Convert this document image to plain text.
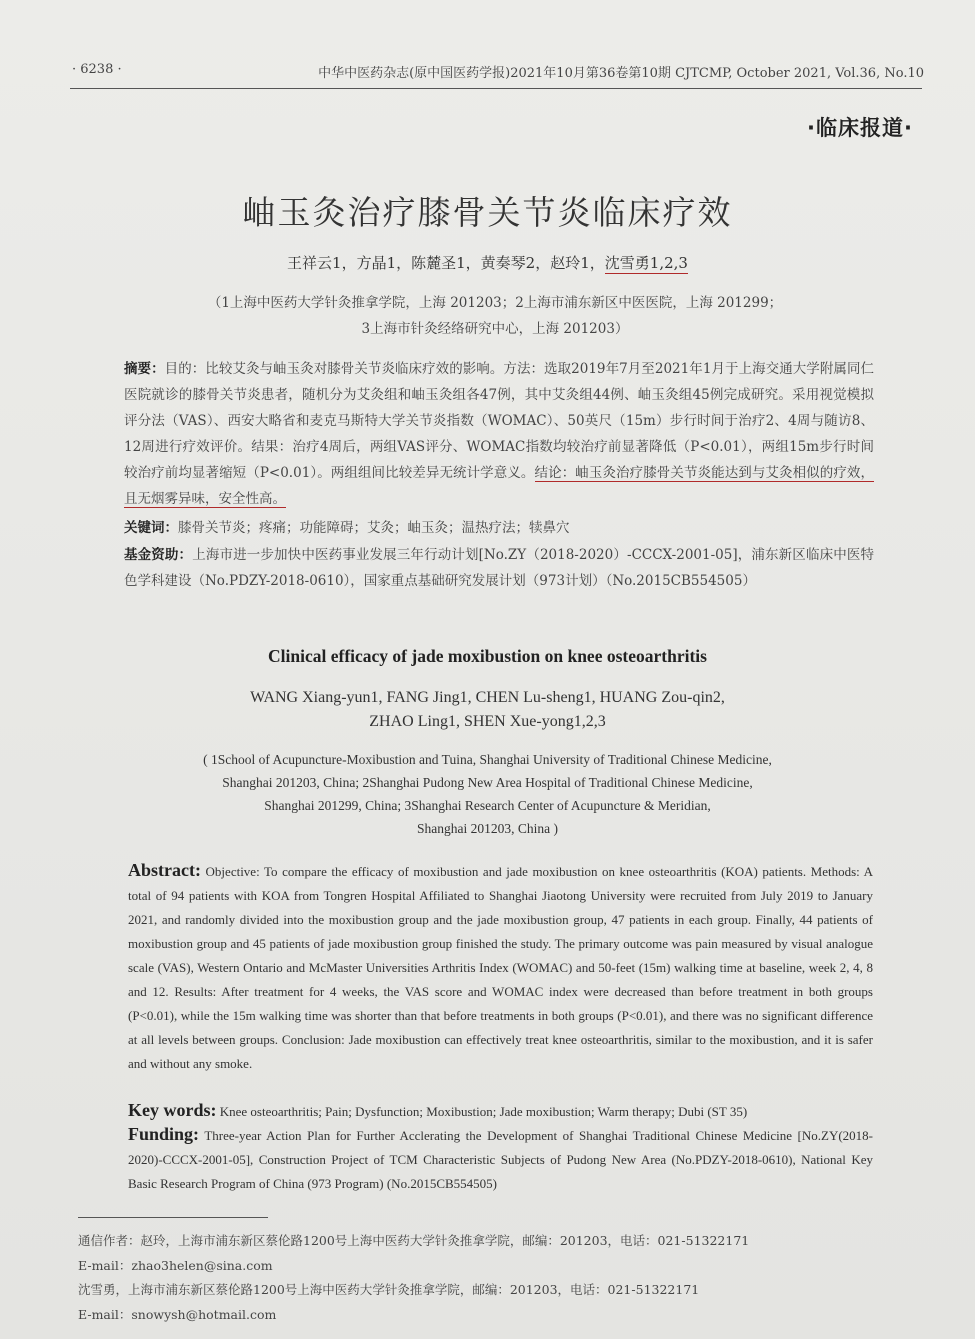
· 6238 ·	中华中医药杂志(原中国医药学报)2021年10月第36卷第10期 CJTCMP, October 2021, Vol.36, No.10
·临床报道·
岫玉灸治疗膝骨关节炎临床疗效
王祥云1，方晶1，陈麓圣1，黄奏琴2，赵玲1，沈雪勇1,2,3
（1上海中医药大学针灸推拿学院，上海 201203；2上海市浦东新区中医医院，上海 201299；
3上海市针灸经络研究中心，上海 201203）
摘要：目的：比较艾灸与岫玉灸对膝骨关节炎临床疗效的影响。方法：选取2019年7月至2021年1月于上海交通大学附属同仁医院就诊的膝骨关节炎患者，随机分为艾灸组和岫玉灸组各47例，其中艾灸组44例、岫玉灸组45例完成研究。采用视觉模拟评分法（VAS）、西安大略省和麦克马斯特大学关节炎指数（WOMAC）、50英尺（15m）步行时间于治疗2、4周与随访8、12周进行疗效评价。结果：治疗4周后，两组VAS评分、WOMAC指数均较治疗前显著降低（P<0.01），两组15m步行时间较治疗前均显著缩短（P<0.01）。两组组间比较差异无统计学意义。结论：岫玉灸治疗膝骨关节炎能达到与艾灸相似的疗效，且无烟雾异味，安全性高。
关键词：膝骨关节炎；疼痛；功能障碍；艾灸；岫玉灸；温热疗法；犊鼻穴
基金资助：上海市进一步加快中医药事业发展三年行动计划[No.ZY（2018-2020）-CCCX-2001-05]，浦东新区临床中医特色学科建设（No.PDZY-2018-0610），国家重点基础研究发展计划（973计划）（No.2015CB554505）
Clinical efficacy of jade moxibustion on knee osteoarthritis
WANG Xiang-yun1, FANG Jing1, CHEN Lu-sheng1, HUANG Zou-qin2,
ZHAO Ling1, SHEN Xue-yong1,2,3
( 1School of Acupuncture-Moxibustion and Tuina, Shanghai University of Traditional Chinese Medicine,
Shanghai 201203, China; 2Shanghai Pudong New Area Hospital of Traditional Chinese Medicine,
Shanghai 201299, China; 3Shanghai Research Center of Acupuncture & Meridian,
Shanghai 201203, China )
Abstract: Objective: To compare the efficacy of moxibustion and jade moxibustion on knee osteoarthritis (KOA) patients. Methods: A total of 94 patients with KOA from Tongren Hospital Affiliated to Shanghai Jiaotong University were recruited from July 2019 to January 2021, and randomly divided into the moxibustion group and the jade moxibustion group, 47 patients in each group. Finally, 44 patients of moxibustion group and 45 patients of jade moxibustion group finished the study. The primary outcome was pain measured by visual analogue scale (VAS), Western Ontario and McMaster Universities Arthritis Index (WOMAC) and 50-feet (15m) walking time at baseline, week 2, 4, 8 and 12. Results: After treatment for 4 weeks, the VAS score and WOMAC index were decreased than before treatment in both groups (P<0.01), while the 15m walking time was shorter than that before treatments in both groups (P<0.01), and there was no significant difference at all levels between groups. Conclusion: Jade moxibustion can effectively treat knee osteoarthritis, similar to the moxibustion, and it is safer and without any smoke.
Key words: Knee osteoarthritis; Pain; Dysfunction; Moxibustion; Jade moxibustion; Warm therapy; Dubi (ST 35)
Funding: Three-year Action Plan for Further Acclerating the Development of Shanghai Traditional Chinese Medicine [No.ZY(2018-2020)-CCCX-2001-05], Construction Project of TCM Characteristic Subjects of Pudong New Area (No.PDZY-2018-0610), National Key Basic Research Program of China (973 Program) (No.2015CB554505)
通信作者：赵玲，上海市浦东新区蔡伦路1200号上海中医药大学针灸推拿学院，邮编：201203，电话：021-51322171
E-mail：zhao3helen@sina.com
沈雪勇，上海市浦东新区蔡伦路1200号上海中医药大学针灸推拿学院，邮编：201203，电话：021-51322171
E-mail：snowysh@hotmail.com
